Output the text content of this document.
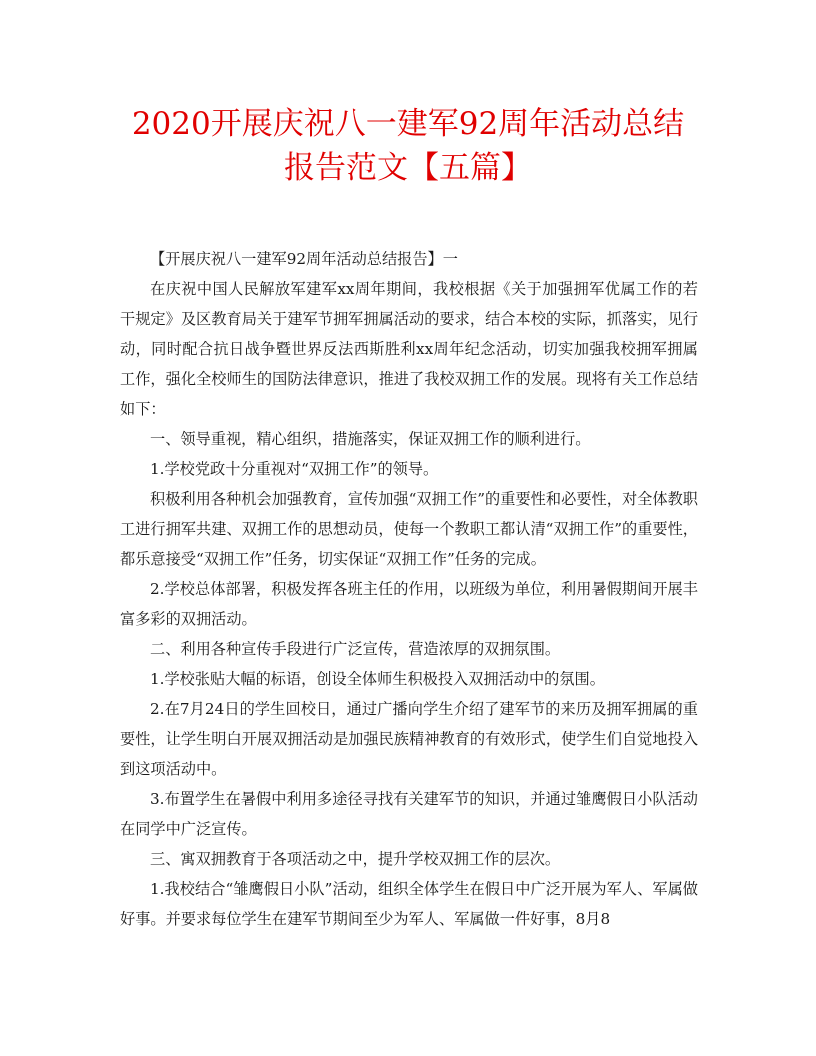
2020开展庆祝八一建军92周年活动总结
报告范文【五篇】

【开展庆祝八一建军92周年活动总结报告】一

在庆祝中国人民解放军建军xx周年期间，我校根据《关于加强拥军优属工作的若干规定》及区教育局关于建军节拥军拥属活动的要求，结合本校的实际，抓落实，见行动，同时配合抗日战争暨世界反法西斯胜利xx周年纪念活动，切实加强我校拥军拥属工作，强化全校师生的国防法律意识，推进了我校双拥工作的发展。现将有关工作总结如下：

一、领导重视，精心组织，措施落实，保证双拥工作的顺利进行。

1.学校党政十分重视对“双拥工作”的领导。

积极利用各种机会加强教育，宣传加强“双拥工作”的重要性和必要性，对全体教职工进行拥军共建、双拥工作的思想动员，使每一个教职工都认清“双拥工作”的重要性，都乐意接受“双拥工作”任务，切实保证“双拥工作”任务的完成。

2.学校总体部署，积极发挥各班主任的作用，以班级为单位，利用暑假期间开展丰富多彩的双拥活动。

二、利用各种宣传手段进行广泛宣传，营造浓厚的双拥氛围。

1.学校张贴大幅的标语，创设全体师生积极投入双拥活动中的氛围。

2.在7月24日的学生回校日，通过广播向学生介绍了建军节的来历及拥军拥属的重要性，让学生明白开展双拥活动是加强民族精神教育的有效形式，使学生们自觉地投入到这项活动中。

3.布置学生在暑假中利用多途径寻找有关建军节的知识，并通过雏鹰假日小队活动在同学中广泛宣传。

三、寓双拥教育于各项活动之中，提升学校双拥工作的层次。

1.我校结合“雏鹰假日小队”活动，组织全体学生在假日中广泛开展为军人、军属做好事。并要求每位学生在建军节期间至少为军人、军属做一件好事，8月8
